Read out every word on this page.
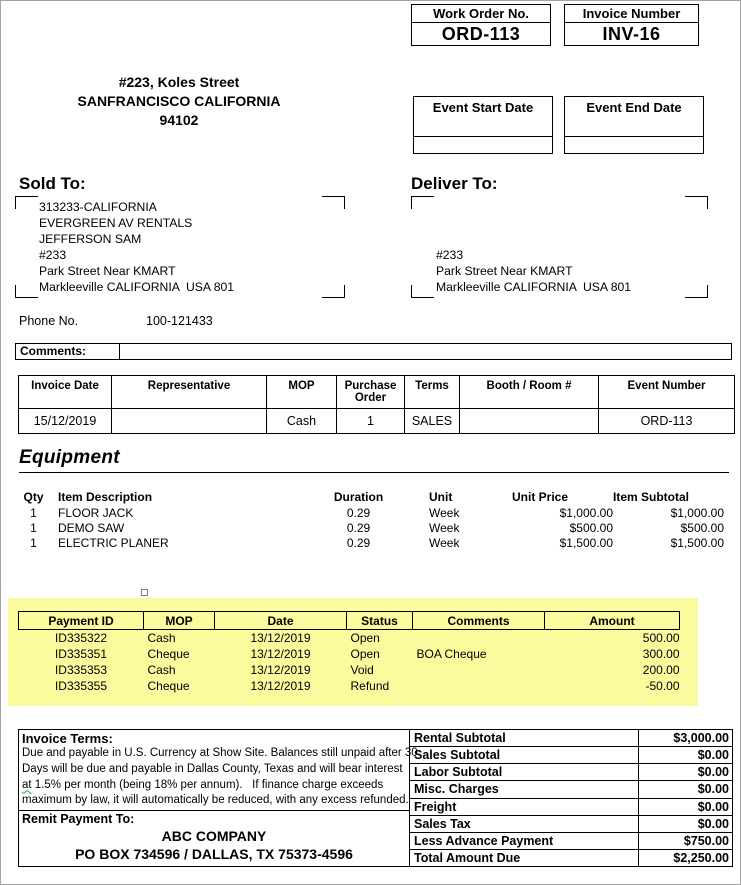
Work Order No.
ORD-113
Invoice Number
INV-16
#223, Koles Street
SANFRANCISCO CALIFORNIA
94102
Event Start Date	Event End Date
Sold To:	Deliver To:
313233-CALIFORNIA
EVERGREEN AV RENTALS
JEFFERSON SAM
#233
Park Street Near KMART
Markleeville CALIFORNIA  USA 801
#233
Park Street Near KMART
Markleeville CALIFORNIA  USA 801
Phone No.	100-121433
Comments:
Invoice Date	Representative	MOP	Purchase Order	Terms	Booth / Room #	Event Number
15/12/2019		Cash	1	SALES		ORD-113
Equipment
Qty	Item Description	Duration	Unit	Unit Price	Item Subtotal
1	FLOOR JACK	0.29	Week	$1,000.00	$1,000.00
1	DEMO SAW	0.29	Week	$500.00	$500.00
1	ELECTRIC PLANER	0.29	Week	$1,500.00	$1,500.00
Payment ID	MOP	Date	Status	Comments	Amount
ID335322	Cash	13/12/2019	Open		500.00
ID335351	Cheque	13/12/2019	Open	BOA Cheque	300.00
ID335353	Cash	13/12/2019	Void		200.00
ID335355	Cheque	13/12/2019	Refund		-50.00
Invoice Terms:
Due and payable in U.S. Currency at Show Site. Balances still unpaid after 30
Days will be due and payable in Dallas County, Texas and will bear interest
at 1.5% per month (being 18% per annum).   If finance charge exceeds
maximum by law, it will automatically be reduced, with any excess refunded.
Remit Payment To:
ABC COMPANY
PO BOX 734596 / DALLAS, TX 75373-4596
Rental Subtotal	$3,000.00
Sales Subtotal	$0.00
Labor Subtotal	$0.00
Misc. Charges	$0.00
Freight	$0.00
Sales Tax	$0.00
Less Advance Payment	$750.00
Total Amount Due	$2,250.00
